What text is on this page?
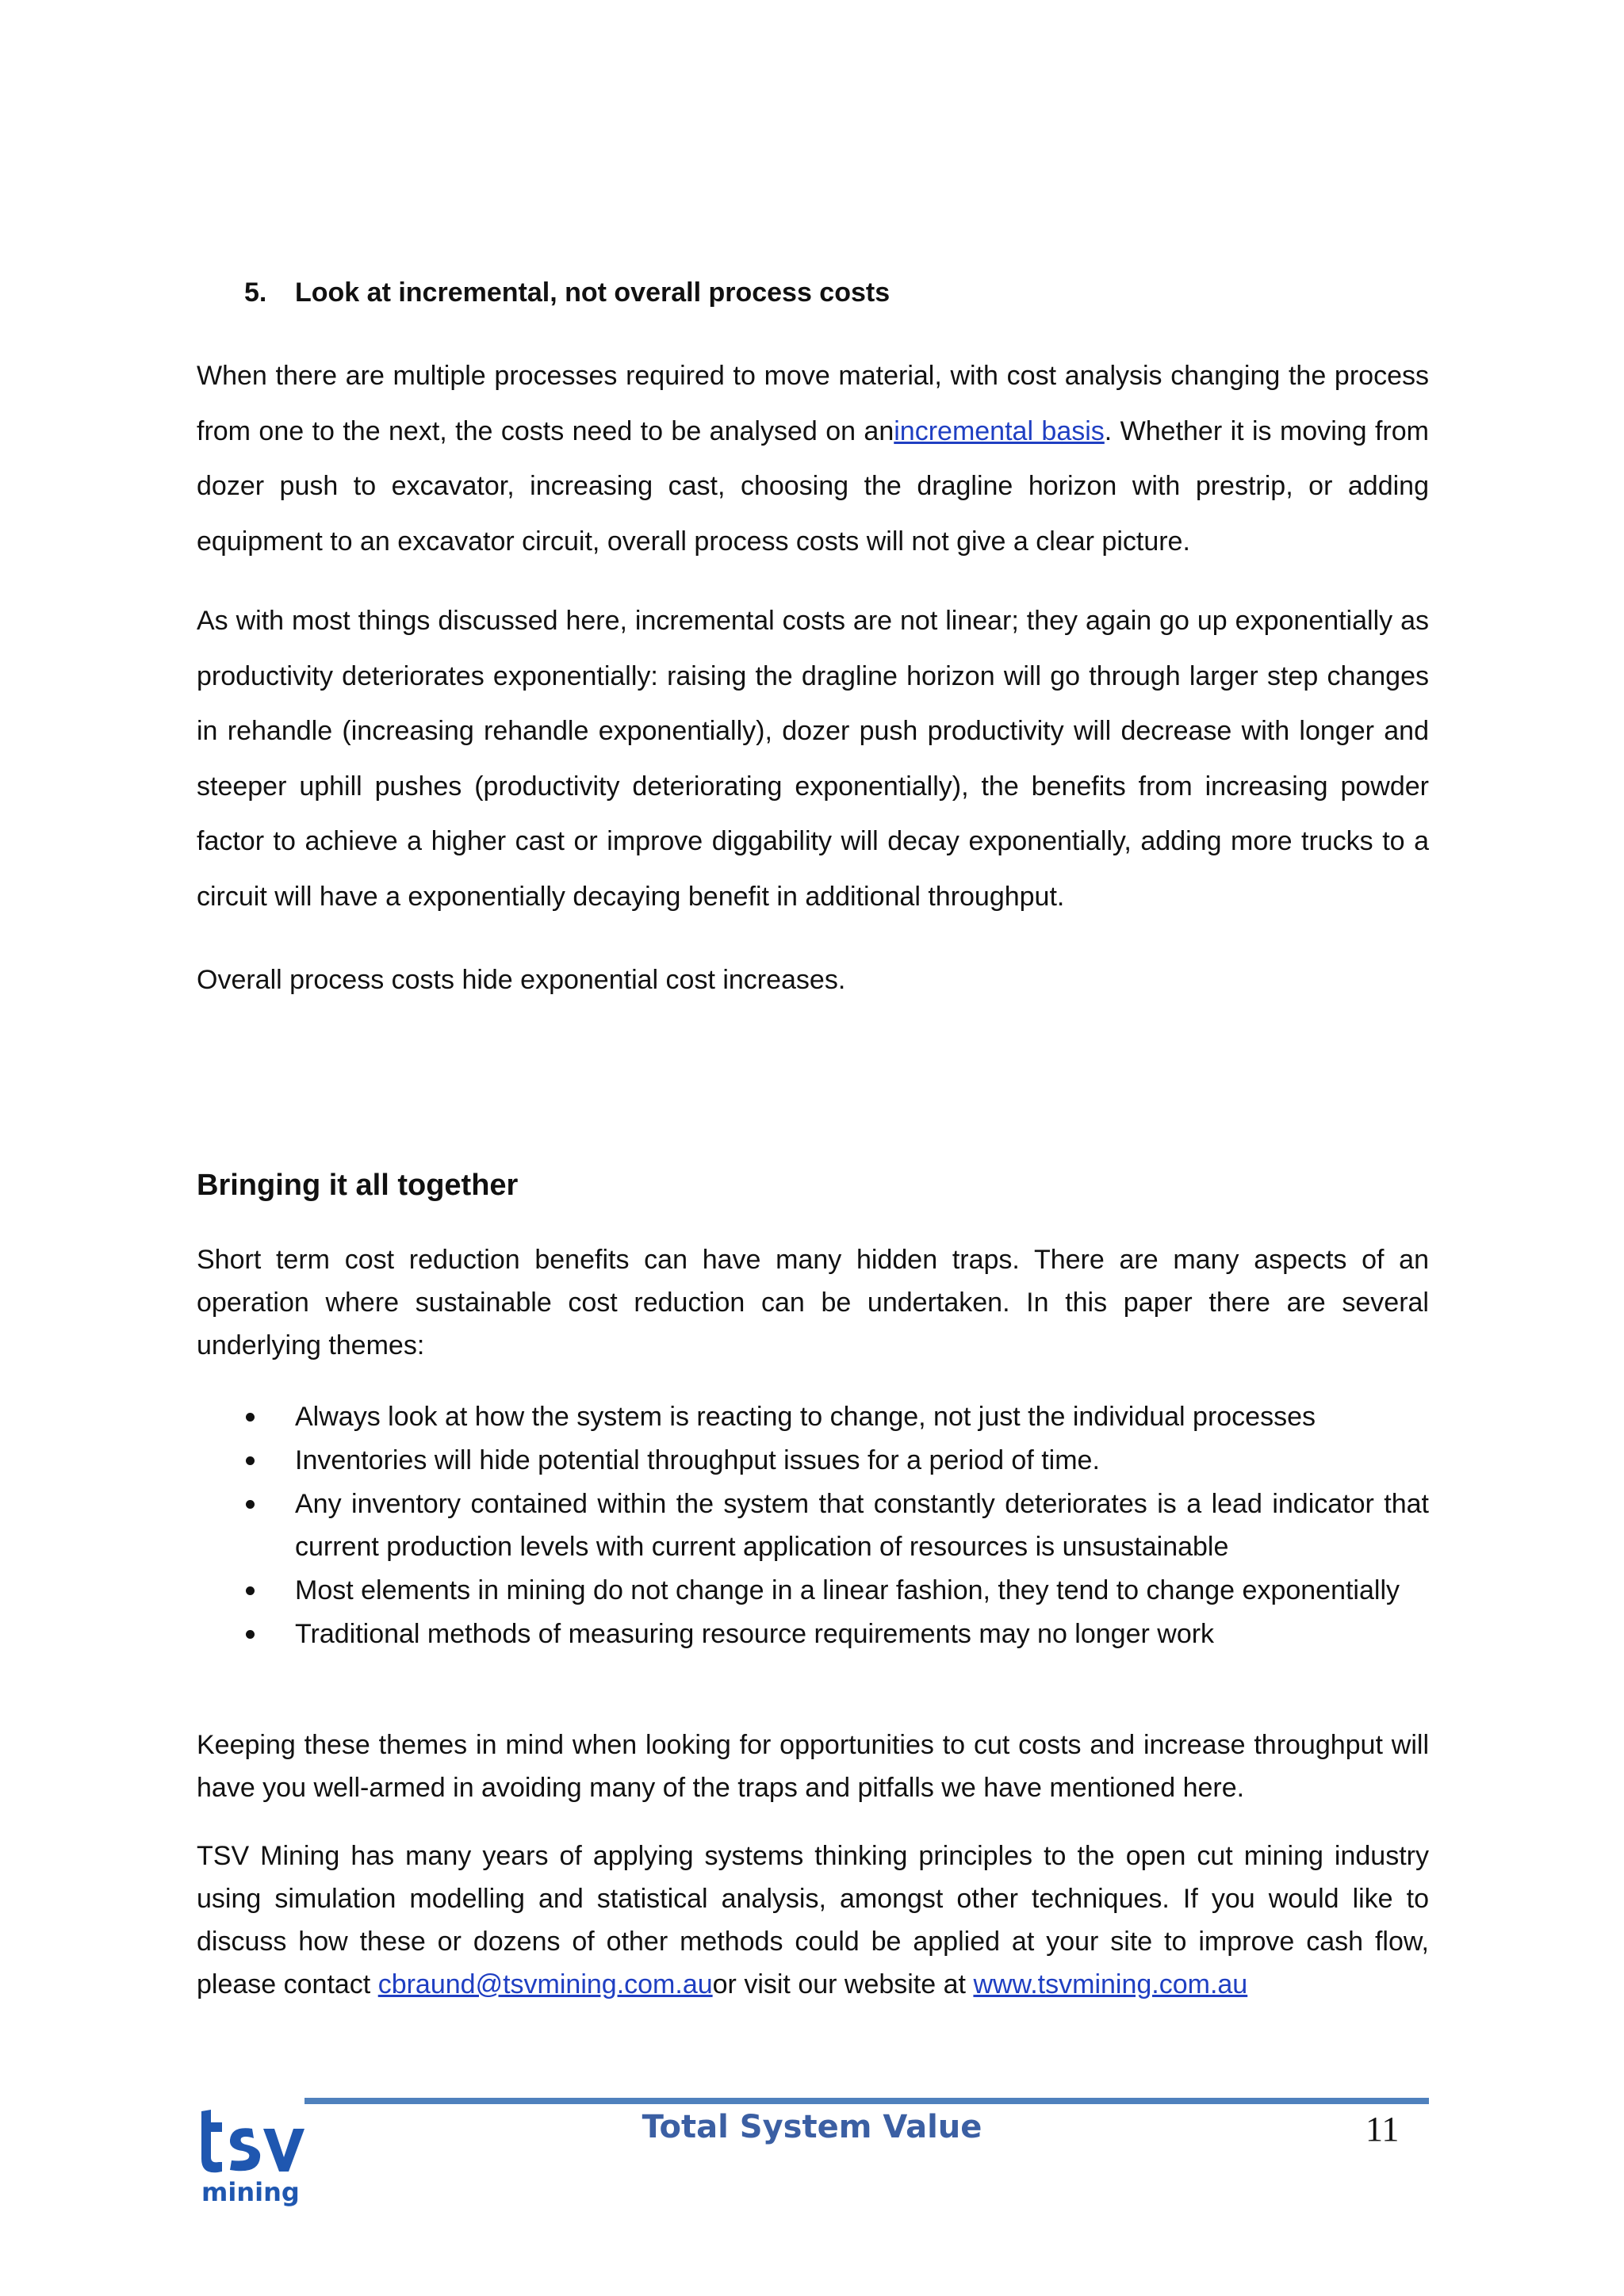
5. Look at incremental, not overall process costs

When there are multiple processes required to move material, with cost analysis changing the process from one to the next, the costs need to be analysed on anincremental basis. Whether it is moving from dozer push to excavator, increasing cast, choosing the dragline horizon with prestrip, or adding equipment to an excavator circuit, overall process costs will not give a clear picture.

As with most things discussed here, incremental costs are not linear; they again go up exponentially as productivity deteriorates exponentially: raising the dragline horizon will go through larger step changes in rehandle (increasing rehandle exponentially), dozer push productivity will decrease with longer and steeper uphill pushes (productivity deteriorating exponentially), the benefits from increasing powder factor to achieve a higher cast or improve diggability will decay exponentially, adding more trucks to a circuit will have a exponentially decaying benefit in additional throughput.

Overall process costs hide exponential cost increases.

Bringing it all together

Short term cost reduction benefits can have many hidden traps. There are many aspects of an operation where sustainable cost reduction can be undertaken. In this paper there are several underlying themes:

Always look at how the system is reacting to change, not just the individual processes
Inventories will hide potential throughput issues for a period of time.
Any inventory contained within the system that constantly deteriorates is a lead indicator that current production levels with current application of resources is unsustainable
Most elements in mining do not change in a linear fashion, they tend to change exponentially
Traditional methods of measuring resource requirements may no longer work

Keeping these themes in mind when looking for opportunities to cut costs and increase throughput will have you well-armed in avoiding many of the traps and pitfalls we have mentioned here.

TSV Mining has many years of applying systems thinking principles to the open cut mining industry using simulation modelling and statistical analysis, amongst other techniques. If you would like to discuss how these or dozens of other methods could be applied at your site to improve cash flow, please contact cbraund@tsvmining.com.auor visit our website at www.tsvmining.com.au

mining
Total System Value	11
